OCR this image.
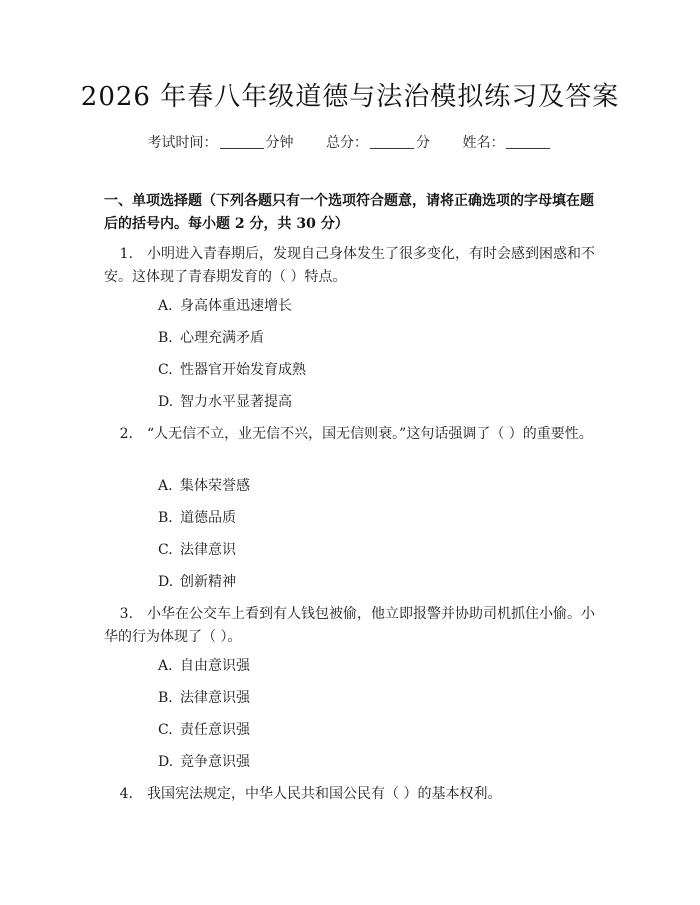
2026 年春八年级道德与法治模拟练习及答案
考试时间：	分钟 总分：	分 姓名：
一、单项选择题（下列各题只有一个选项符合题意，请将正确选项的字母填在题后的括号内。每小题 2 分，共 30 分）
1. 小明进入青春期后，发现自己身体发生了很多变化，有时会感到困惑和不安。这体现了青春期发育的（ ）特点。
A. 身高体重迅速增长
B. 心理充满矛盾
C. 性器官开始发育成熟
D. 智力水平显著提高
2. “人无信不立，业无信不兴，国无信则衰。”这句话强调了（ ）的重要性。
A. 集体荣誉感
B. 道德品质
C. 法律意识
D. 创新精神
3. 小华在公交车上看到有人钱包被偷，他立即报警并协助司机抓住小偷。小华的行为体现了（ ）。
A. 自由意识强
B. 法律意识强
C. 责任意识强
D. 竞争意识强
4. 我国宪法规定，中华人民共和国公民有（ ）的基本权利。
